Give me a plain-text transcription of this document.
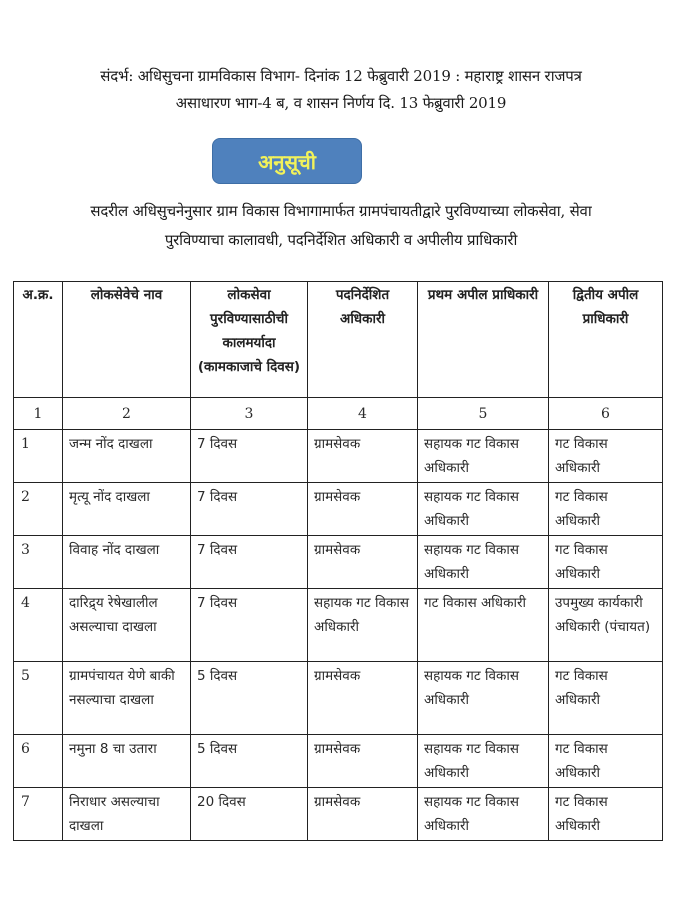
संदर्भ: अधिसुचना ग्रामविकास विभाग- दिनांक 12 फेब्रुवारी 2019 : महाराष्ट्र शासन राजपत्र
असाधारण भाग-4 ब, व शासन निर्णय दि. 13 फेब्रुवारी 2019
अनुसूची
सदरील अधिसुचनेनुसार ग्राम विकास विभागामार्फत ग्रामपंचायतीद्वारे पुरविण्याच्या लोकसेवा, सेवा
पुरविण्याचा कालावधी, पदनिर्देशित अधिकारी व अपीलीय प्राधिकारी
अ.क्र.	लोकसेवेचे नाव	लोकसेवा पुरविण्यासाठीची कालमर्यादा (कामकाजाचे दिवस)	पदनिर्देशित अधिकारी	प्रथम अपील प्राधिकारी	द्वितीय अपील प्राधिकारी
1	2	3	4	5	6
1	जन्म नोंद दाखला	7 दिवस	ग्रामसेवक	सहायक गट विकास अधिकारी	गट विकास अधिकारी
2	मृत्यू नोंद दाखला	7 दिवस	ग्रामसेवक	सहायक गट विकास अधिकारी	गट विकास अधिकारी
3	विवाह नोंद दाखला	7 दिवस	ग्रामसेवक	सहायक गट विकास अधिकारी	गट विकास अधिकारी
4	दारिद्र्य रेषेखालील असल्याचा दाखला	7 दिवस	सहायक गट विकास अधिकारी	गट विकास अधिकारी	उपमुख्य कार्यकारी अधिकारी (पंचायत)
5	ग्रामपंचायत येणे बाकी नसल्याचा दाखला	5 दिवस	ग्रामसेवक	सहायक गट विकास अधिकारी	गट विकास अधिकारी
6	नमुना 8 चा उतारा	5 दिवस	ग्रामसेवक	सहायक गट विकास अधिकारी	गट विकास अधिकारी
7	निराधार असल्याचा दाखला	20 दिवस	ग्रामसेवक	सहायक गट विकास अधिकारी	गट विकास अधिकारी
